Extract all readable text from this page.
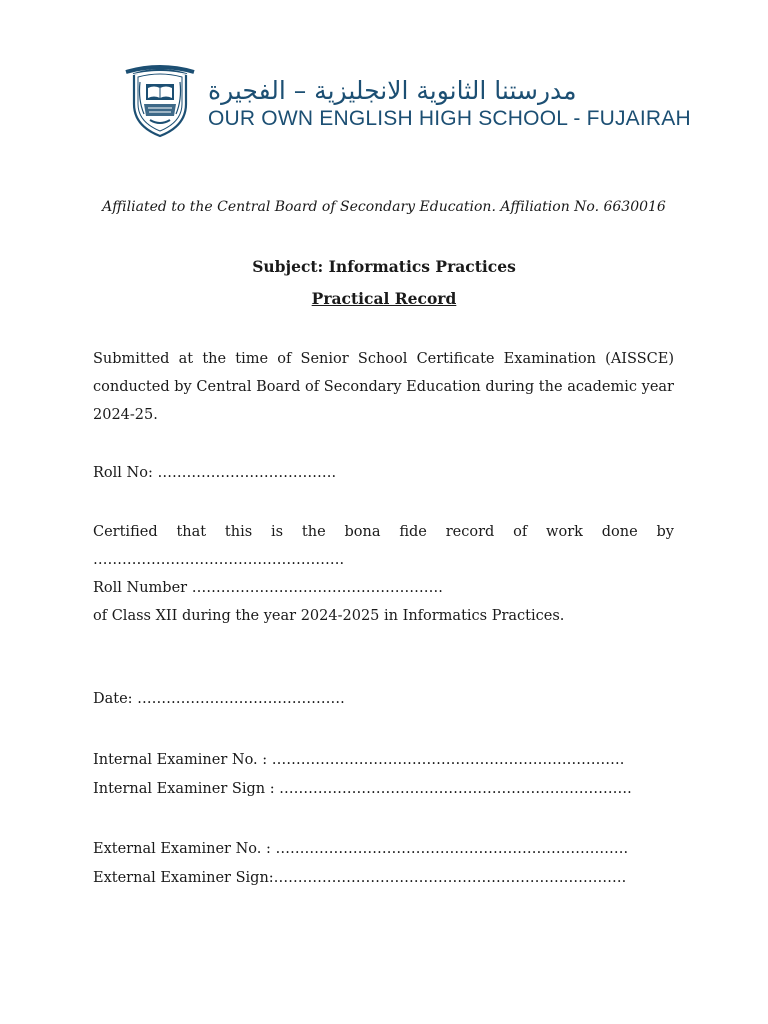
مدرستنا الثانوية الانجليزية – الفجيرة
OUR OWN ENGLISH HIGH SCHOOL - FUJAIRAH
Affiliated to the Central Board of Secondary Education. Affiliation No. 6630016
Subject: Informatics Practices
Practical Record
Submitted at the time of Senior School Certificate Examination (AISSCE) conducted by Central Board of Secondary Education during the academic year 2024-25.
Roll No: ……………………………….
Certified that this is the bona fide record of work done by
…………………………………………….
Roll Number …………………………………………….
of Class XII during the year 2024-2025 in Informatics Practices.
Date: …………………………………….
Internal Examiner No. : ……………………………………………………………….
Internal Examiner Sign : ……………………………………………………………….
External Examiner No. : ……………………………………………………………….
External Examiner Sign:……………………………………………………………….
